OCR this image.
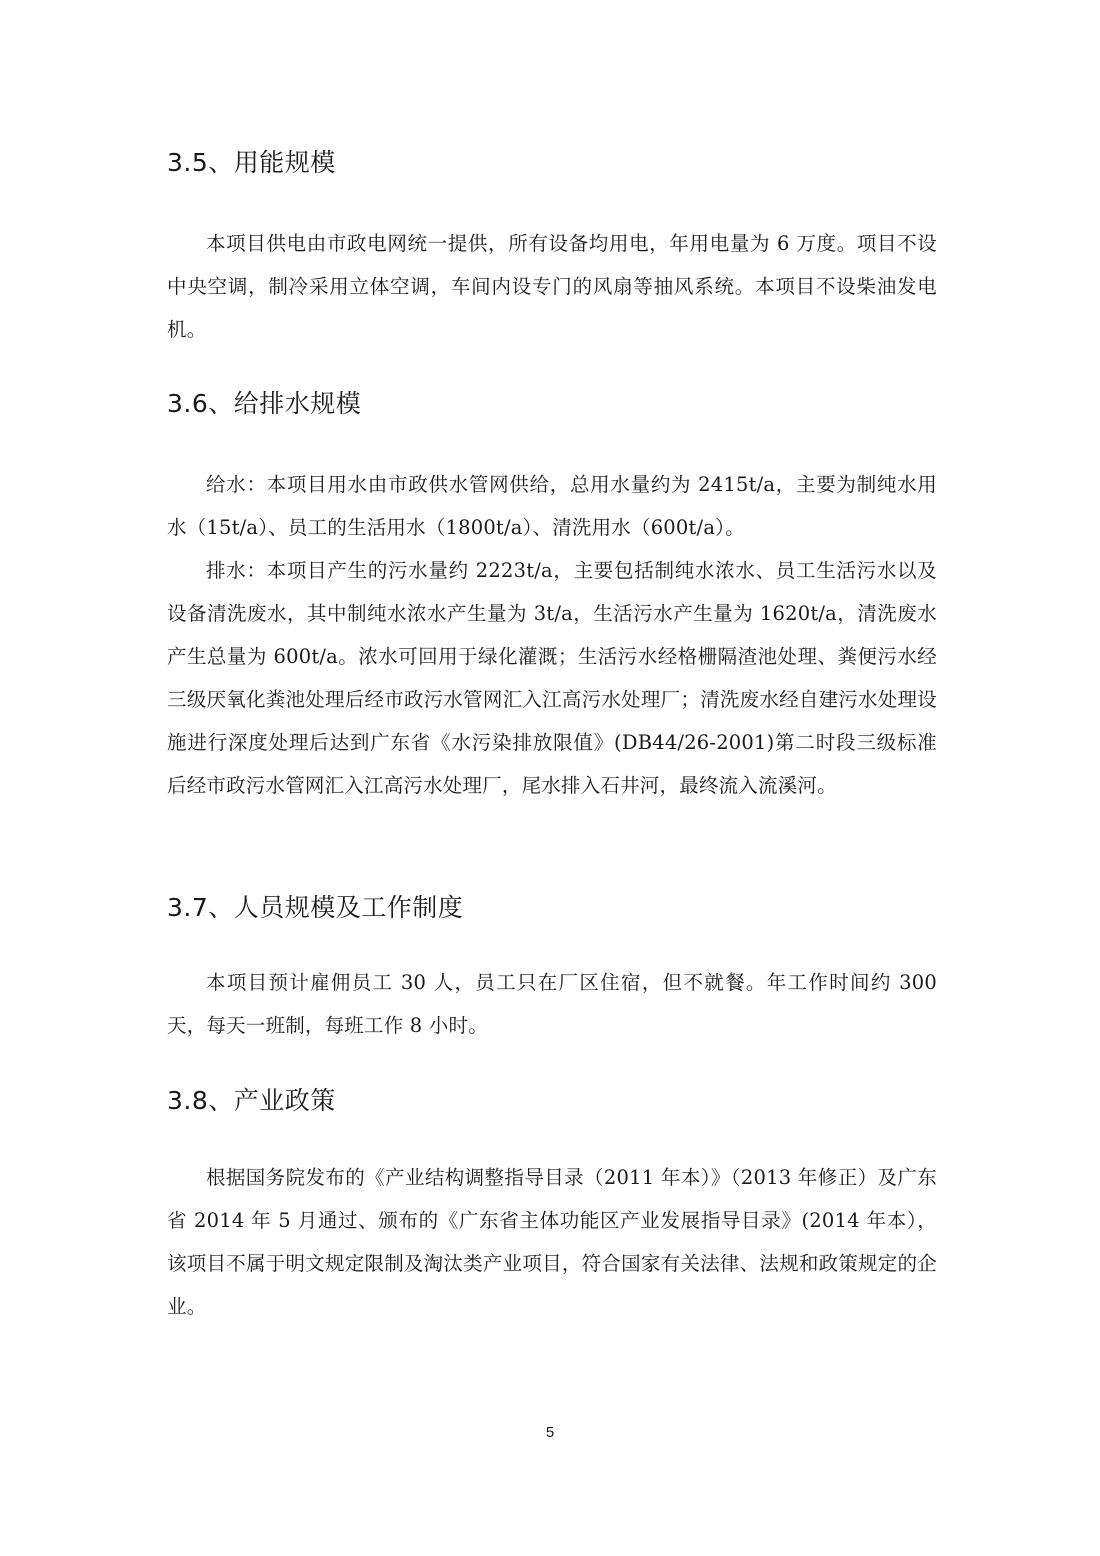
3.5、用能规模

本项目供电由市政电网统一提供，所有设备均用电，年用电量为 6 万度。项目不设中央空调，制冷采用立体空调，车间内设专门的风扇等抽风系统。本项目不设柴油发电机。

3.6、给排水规模

给水：本项目用水由市政供水管网供给，总用水量约为 2415t/a，主要为制纯水用水（15t/a）、员工的生活用水（1800t/a）、清洗用水（600t/a）。

排水：本项目产生的污水量约 2223t/a，主要包括制纯水浓水、员工生活污水以及设备清洗废水，其中制纯水浓水产生量为 3t/a，生活污水产生量为 1620t/a，清洗废水产生总量为 600t/a。浓水可回用于绿化灌溉；生活污水经格栅隔渣池处理、粪便污水经三级厌氧化粪池处理后经市政污水管网汇入江高污水处理厂；清洗废水经自建污水处理设施进行深度处理后达到广东省《水污染排放限值》(DB44/26-2001)第二时段三级标准后经市政污水管网汇入江高污水处理厂，尾水排入石井河，最终流入流溪河。

3.7、人员规模及工作制度

本项目预计雇佣员工 30 人，员工只在厂区住宿，但不就餐。年工作时间约 300 天，每天一班制，每班工作 8 小时。

3.8、产业政策

根据国务院发布的《产业结构调整指导目录（2011 年本）》（2013 年修正）及广东省 2014 年 5 月通过、颁布的《广东省主体功能区产业发展指导目录》(2014 年本），该项目不属于明文规定限制及淘汰类产业项目，符合国家有关法律、法规和政策规定的企业。

5
